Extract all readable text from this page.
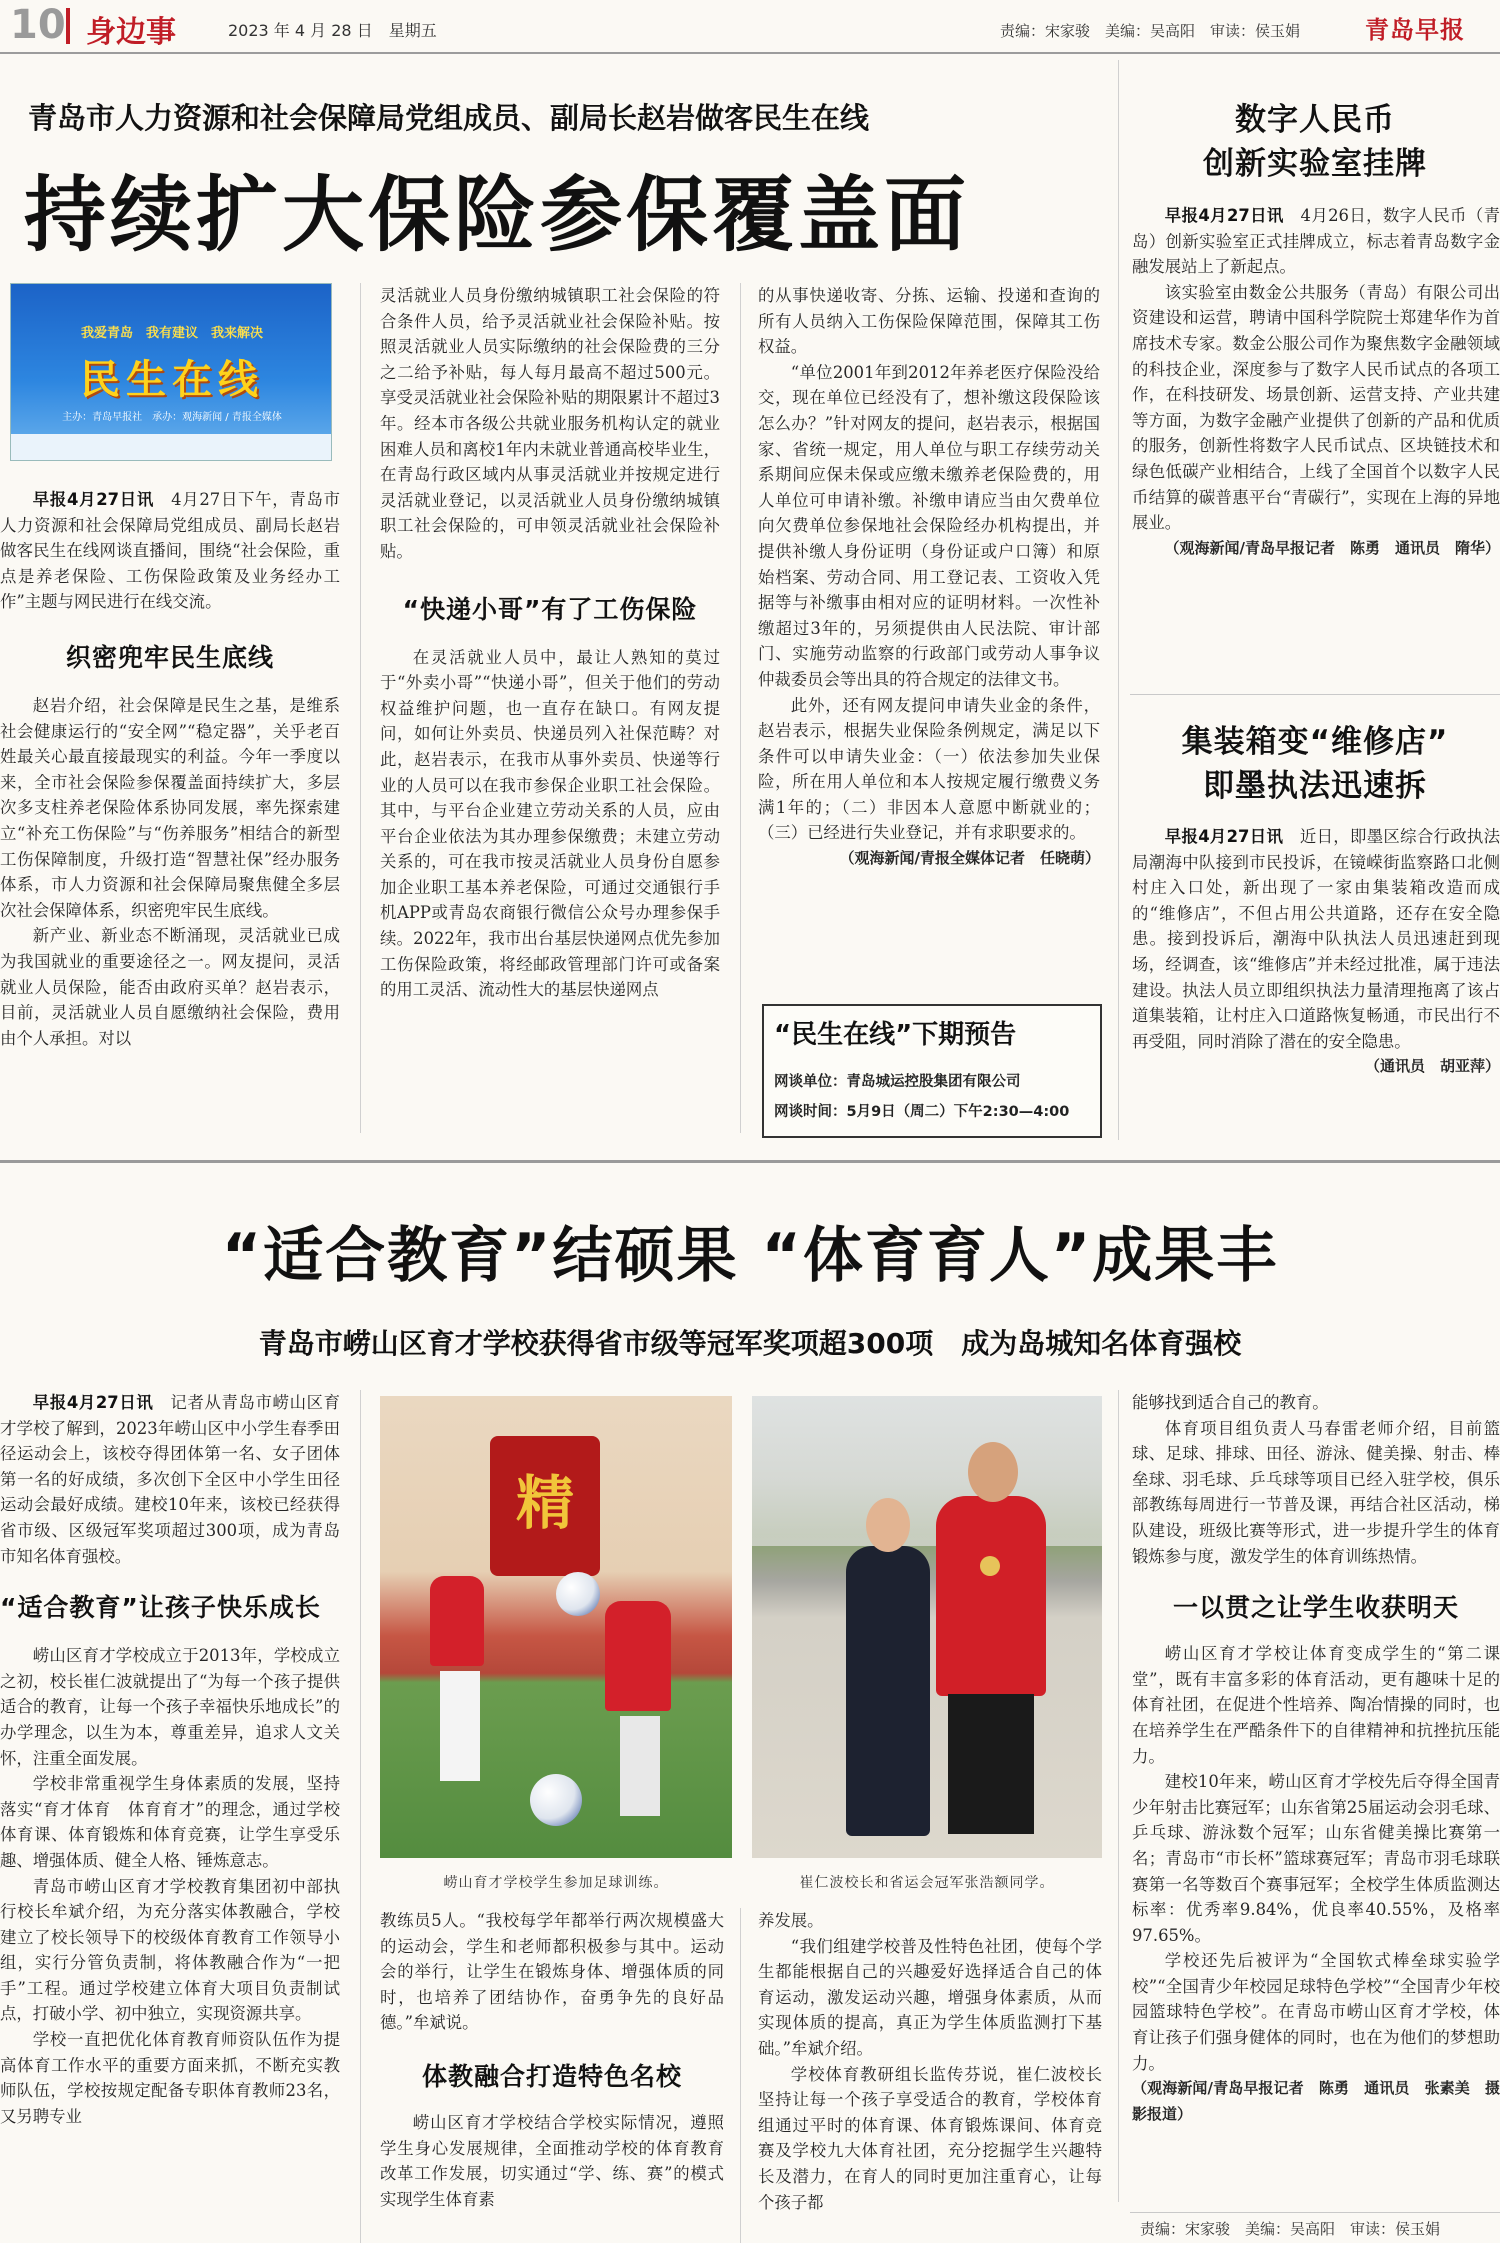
10 身边事	2023 年 4 月 28 日　星期五	责编：宋家骏　美编：吴高阳　审读：侯玉娟	青岛早报
青岛市人力资源和社会保障局党组成员、副局长赵岩做客民生在线
持续扩大保险参保覆盖面
我爱青岛　我有建议　我来解决
民生在线
主办：青岛早报社　承办：观海新闻 / 青报全媒体

早报4月27日讯　 4月27日下午，青岛市人力资源和社会保障局党组成员、副局长赵岩做客民生在线网谈直播间，围绕“社会保险，重点是养老保险、工伤保险政策及业务经办工作”主题与网民进行在线交流。

织密兜牢民生底线

赵岩介绍，社会保障是民生之基，是维系社会健康运行的“安全网”“稳定器”，关乎老百姓最关心最直接最现实的利益。今年一季度以来，全市社会保险参保覆盖面持续扩大，多层次多支柱养老保险体系协同发展，率先探索建立“补充工伤保险”与“伤养服务”相结合的新型工伤保障制度，升级打造“智慧社保”经办服务体系，市人力资源和社会保障局聚焦健全多层次社会保障体系，织密兜牢民生底线。

新产业、新业态不断涌现，灵活就业已成为我国就业的重要途径之一。网友提问，灵活就业人员保险，能否由政府买单？赵岩表示，目前，灵活就业人员自愿缴纳社会保险，费用由个人承担。对以

灵活就业人员身份缴纳城镇职工社会保险的符合条件人员，给予灵活就业社会保险补贴。按照灵活就业人员实际缴纳的社会保险费的三分之二给予补贴，每人每月最高不超过500元。享受灵活就业社会保险补贴的期限累计不超过3年。经本市各级公共就业服务机构认定的就业困难人员和离校1年内未就业普通高校毕业生，在青岛行政区域内从事灵活就业并按规定进行灵活就业登记，以灵活就业人员身份缴纳城镇职工社会保险的，可申领灵活就业社会保险补贴。

“快递小哥”有了工伤保险

在灵活就业人员中，最让人熟知的莫过于“外卖小哥”“快递小哥”，但关于他们的劳动权益维护问题，也一直存在缺口。有网友提问，如何让外卖员、快递员列入社保范畴？对此，赵岩表示，在我市从事外卖员、快递等行业的人员可以在我市参保企业职工社会保险。其中，与平台企业建立劳动关系的人员，应由平台企业依法为其办理参保缴费；未建立劳动关系的，可在我市按灵活就业人员身份自愿参加企业职工基本养老保险，可通过交通银行手机APP或青岛农商银行微信公众号办理参保手续。2022年，我市出台基层快递网点优先参加工伤保险政策，将经邮政管理部门许可或备案的用工灵活、流动性大的基层快递网点

的从事快递收寄、分拣、运输、投递和查询的所有人员纳入工伤保险保障范围，保障其工伤权益。

“单位2001年到2012年养老医疗保险没给交，现在单位已经没有了，想补缴这段保险该怎么办？”针对网友的提问，赵岩表示，根据国家、省统一规定，用人单位与职工存续劳动关系期间应保未保或应缴未缴养老保险费的，用人单位可申请补缴。补缴申请应当由欠费单位向欠费单位参保地社会保险经办机构提出，并提供补缴人身份证明（身份证或户口簿）和原始档案、劳动合同、用工登记表、工资收入凭据等与补缴事由相对应的证明材料。一次性补缴超过3年的，另须提供由人民法院、审计部门、实施劳动监察的行政部门或劳动人事争议仲裁委员会等出具的符合规定的法律文书。

此外，还有网友提问申请失业金的条件，赵岩表示，根据失业保险条例规定，满足以下条件可以申请失业金：（一）依法参加失业保险，所在用人单位和本人按规定履行缴费义务满1年的；（二）非因本人意愿中断就业的；（三）已经进行失业登记，并有求职要求的。

（观海新闻/青报全媒体记者　任晓萌）

“民生在线”下期预告
网谈单位：青岛城运控股集团有限公司
网谈时间：5月9日（周二）下午2:30—4:00
数字人民币
创新实验室挂牌

早报4月27日讯　 4月26日，数字人民币（青岛）创新实验室正式挂牌成立，标志着青岛数字金融发展站上了新起点。

该实验室由数金公共服务（青岛）有限公司出资建设和运营，聘请中国科学院院士郑建华作为首席技术专家。数金公服公司作为聚焦数字金融领域的科技企业，深度参与了数字人民币试点的各项工作，在科技研发、场景创新、运营支持、产业共建等方面，为数字金融产业提供了创新的产品和优质的服务，创新性将数字人民币试点、区块链技术和绿色低碳产业相结合，上线了全国首个以数字人民币结算的碳普惠平台“青碳行”，实现在上海的异地展业。

（观海新闻/青岛早报记者　陈勇　通讯员　隋华）

集装箱变“维修店”
即墨执法迅速拆

早报4月27日讯　 近日，即墨区综合行政执法局潮海中队接到市民投诉，在镜嵘街监察路口北侧村庄入口处，新出现了一家由集装箱改造而成的“维修店”，不但占用公共道路，还存在安全隐患。接到投诉后，潮海中队执法人员迅速赶到现场，经调查，该“维修店”并未经过批准，属于违法建设。执法人员立即组织执法力量清理拖离了该占道集装箱，让村庄入口道路恢复畅通，市民出行不再受阻，同时消除了潜在的安全隐患。

（通讯员　胡亚萍）

“适合教育”结硕果 “体育育人”成果丰
青岛市崂山区育才学校获得省市级等冠军奖项超300项　成为岛城知名体育强校

早报4月27日讯　 记者从青岛市崂山区育才学校了解到，2023年崂山区中小学生春季田径运动会上，该校夺得团体第一名、女子团体第一名的好成绩，多次创下全区中小学生田径运动会最好成绩。建校10年来，该校已经获得省市级、区级冠军奖项超过300项，成为青岛市知名体育强校。

“适合教育”让孩子快乐成长

崂山区育才学校成立于2013年，学校成立之初，校长崔仁波就提出了“为每一个孩子提供适合的教育，让每一个孩子幸福快乐地成长”的办学理念，以生为本，尊重差异，追求人文关怀，注重全面发展。

学校非常重视学生身体素质的发展，坚持落实“育才体育　体育育才”的理念，通过学校体育课、体育锻炼和体育竞赛，让学生享受乐趣、增强体质、健全人格、锤炼意志。

青岛市崂山区育才学校教育集团初中部执行校长牟斌介绍，为充分落实体教融合，学校建立了校长领导下的校级体育教育工作领导小组，实行分管负责制，将体教融合作为“一把手”工程。通过学校建立体育大项目负责制试点，打破小学、初中独立，实现资源共享。

学校一直把优化体育教育师资队伍作为提高体育工作水平的重要方面来抓，不断充实教师队伍，学校按规定配备专职体育教师23名，又另聘专业

精
崂山育才学校学生参加足球训练。	崔仁波校长和省运会冠军张浩额同学。

教练员5人。“我校每学年都举行两次规模盛大的运动会，学生和老师都积极参与其中。运动会的举行，让学生在锻炼身体、增强体质的同时，也培养了团结协作，奋勇争先的良好品德。”牟斌说。

体教融合打造特色名校

崂山区育才学校结合学校实际情况，遵照学生身心发展规律，全面推动学校的体育教育改革工作发展，切实通过“学、练、赛”的模式实现学生体育素

养发展。

“我们组建学校普及性特色社团，使每个学生都能根据自己的兴趣爱好选择适合自己的体育运动，激发运动兴趣，增强身体素质，从而实现体质的提高，真正为学生体质监测打下基础。”牟斌介绍。

学校体育教研组长监传芬说，崔仁波校长坚持让每一个孩子享受适合的教育，学校体育组通过平时的体育课、体育锻炼课间、体育竞赛及学校九大体育社团，充分挖掘学生兴趣特长及潜力，在育人的同时更加注重育心，让每个孩子都

能够找到适合自己的教育。

体育项目组负责人马春雷老师介绍，目前篮球、足球、排球、田径、游泳、健美操、射击、棒垒球、羽毛球、乒乓球等项目已经入驻学校，俱乐部教练每周进行一节普及课，再结合社区活动，梯队建设，班级比赛等形式，进一步提升学生的体育锻炼参与度，激发学生的体育训练热情。

一以贯之让学生收获明天

崂山区育才学校让体育变成学生的“第二课堂”，既有丰富多彩的体育活动，更有趣味十足的体育社团，在促进个性培养、陶冶情操的同时，也在培养学生在严酷条件下的自律精神和抗挫抗压能力。

建校10年来，崂山区育才学校先后夺得全国青少年射击比赛冠军；山东省第25届运动会羽毛球、乒乓球、游泳数个冠军；山东省健美操比赛第一名；青岛市“市长杯”篮球赛冠军；青岛市羽毛球联赛第一名等数百个赛事冠军；全校学生体质监测达标率：优秀率9.84%，优良率40.55%，及格率97.65%。

学校还先后被评为“全国软式棒垒球实验学校”“全国青少年校园足球特色学校”“全国青少年校园篮球特色学校”。在青岛市崂山区育才学校，体育让孩子们强身健体的同时，也在为他们的梦想助力。

（观海新闻/青岛早报记者　陈勇　通讯员　张素美　摄影报道）

责编：宋家骏　美编：吴高阳　审读：侯玉娟
